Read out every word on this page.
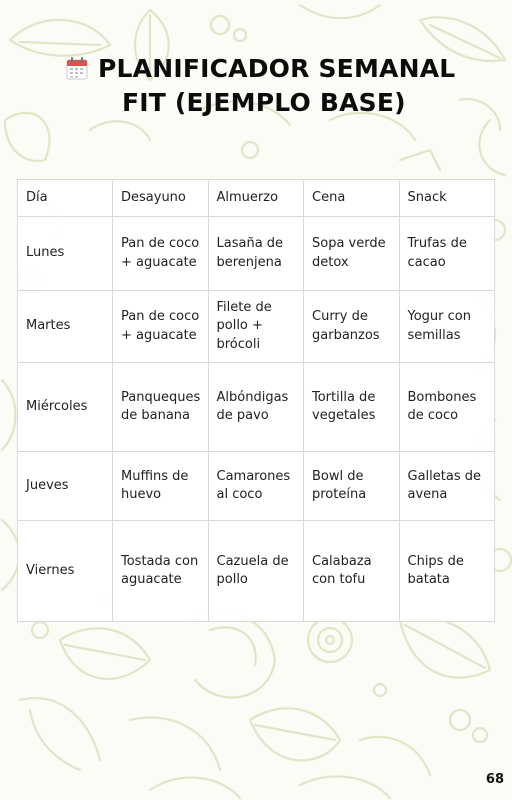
PLANIFICADOR SEMANAL
FIT (EJEMPLO BASE)
Día	Desayuno	Almuerzo	Cena	Snack
Lunes	Pan de coco + aguacate	Lasaña de berenjena	Sopa verde detox	Trufas de cacao
Martes	Pan de coco + aguacate	Filete de pollo + brócoli	Curry de garbanzos	Yogur con semillas
Miércoles	Panqueques de banana	Albóndigas de pavo	Tortilla de vegetales	Bombones de coco
Jueves	Muffins de huevo	Camarones al coco	Bowl de proteína	Galletas de avena
Viernes	Tostada con aguacate	Cazuela de pollo	Calabaza con tofu	Chips de batata
68
